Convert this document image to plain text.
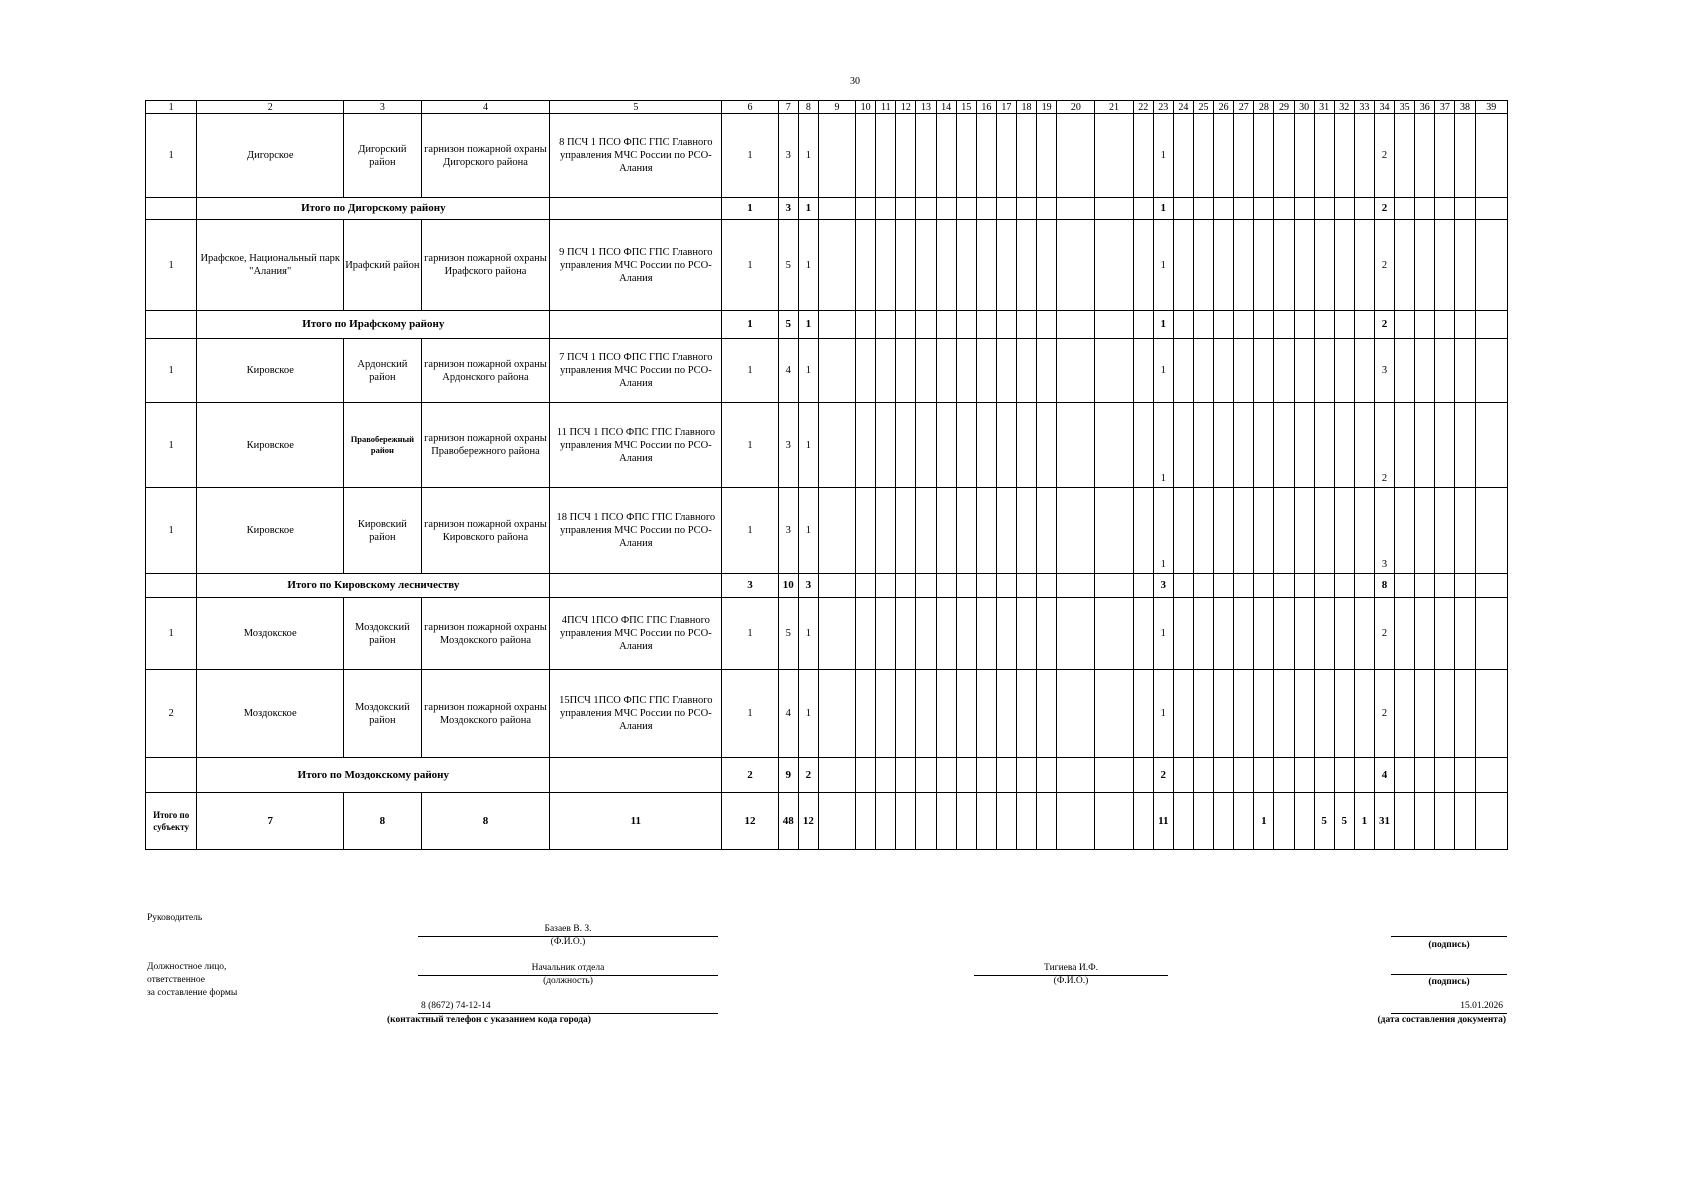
30
1	2	3	4	5	6	7	8	9	10	11	12	13	14	15	16	17	18	19	20	21	22	23	24	25	26	27	28	29	30	31	32	33	34	35	36	37	38	39
1	Дигорское	Дигорский район	гарнизон пожарной охраны Дигорского района	8 ПСЧ 1 ПСО ФПС ГПС Главного управления МЧС России по РСО-Алания	1	3	1															1											2					
	Итого по Дигорскому району				1	3	1															1											2					
1	Ирафское, Национальный парк "Алания"	Ирафский район	гарнизон пожарной охраны Ирафского района	9 ПСЧ 1 ПСО ФПС ГПС Главного управления МЧС России по РСО-Алания	1	5	1															1											2					
	Итого по Ирафскому району				1	5	1															1											2					
1	Кировское	Ардонский район	гарнизон пожарной охраны Ардонского района	7 ПСЧ 1 ПСО ФПС ГПС Главного управления МЧС России по РСО-Алания	1	4	1															1											3					
1	Кировское	Правобережный район	гарнизон пожарной охраны Правобережного района	11 ПСЧ 1 ПСО ФПС ГПС Главного управления МЧС России по РСО-Алания	1	3	1															1											2					
1	Кировское	Кировский район	гарнизон пожарной охраны Кировского района	18 ПСЧ 1 ПСО ФПС ГПС Главного управления МЧС России по РСО-Алания	1	3	1															1											3					
	Итого по Кировскому лесничеству				3	10	3															3											8					
1	Моздокское	Моздокский район	гарнизон пожарной охраны Моздокского района	4ПСЧ 1ПСО ФПС ГПС Главного управления МЧС России по РСО-Алания	1	5	1															1											2					
2	Моздокское	Моздокский район	гарнизон пожарной охраны Моздокского района	15ПСЧ 1ПСО ФПС ГПС Главного управления МЧС России по РСО-Алания	1	4	1															1											2					
	Итого по Моздокскому району				2	9	2															2											4					
Итого по субъекту	7	8	8	11	12	48	12															11					1			5	5	1	31					
Руководитель
Базаев В. З.
(Ф.И.О.)	(подпись)
Должностное лицо,
ответственное
за составление формы
Начальник отдела
(должность)
Тигиева И.Ф.
(Ф.И.О.)	(подпись)
8 (8672) 74-12-14
(контактный телефон с указанием кода города)
15.01.2026
(дата составления документа)
